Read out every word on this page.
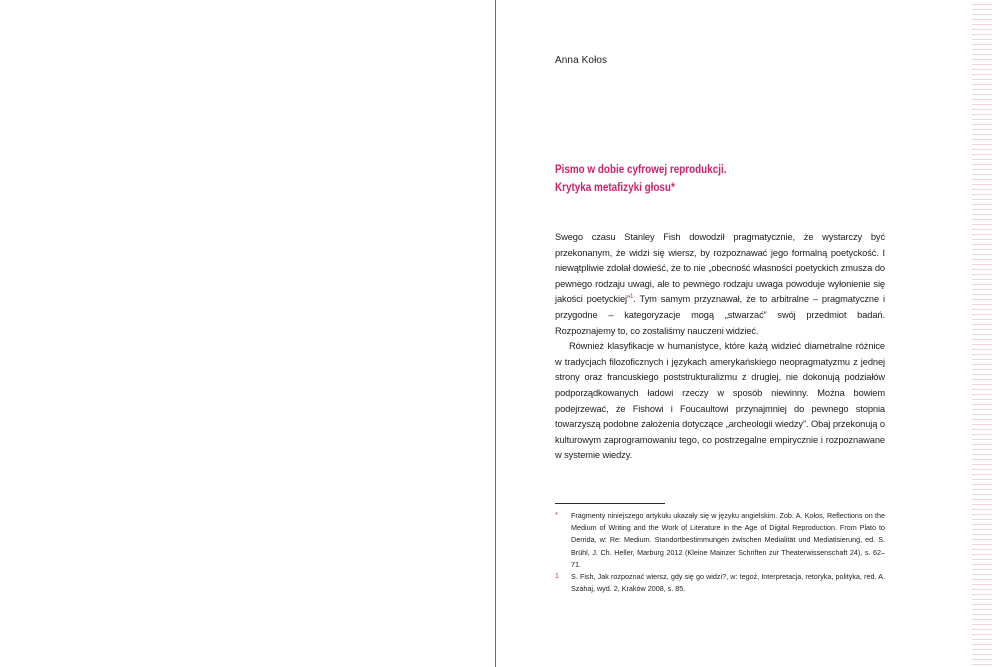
Anna Kołos
Pismo w dobie cyfrowej reprodukcji.
Krytyka metafizyki głosu*

Swego czasu Stanley Fish dowodził pragmatycznie, że wystarczy być przekonanym, że widzi się wiersz, by rozpoznawać jego formalną poetyckość. I niewątpliwie zdołał dowieść, że to nie „obecność własności poetyckich zmusza do pewnego rodzaju uwagi, ale to pewnego rodzaju uwaga powoduje wyłonienie się jakości poetyckiej”$^1$. Tym samym przyznawał, że to arbitralne – pragmatyczne i przygodne – kategoryzacje mogą „stwarzać” swój przedmiot badań. Rozpoznajemy to, co zostaliśmy nauczeni widzieć.

Również klasyfikacje w humanistyce, które każą widzieć diametralne różnice w tradycjach filozoficznych i językach amerykańskiego neopragmatyzmu z jednej strony oraz francuskiego poststrukturalizmu z drugiej, nie dokonują podziałów podporządkowanych ładowi rzeczy w sposób niewinny. Można bowiem podejrzewać, że Fishowi i Foucaultowi przynajmniej do pewnego stopnia towarzyszą podobne założenia dotyczące „archeologii wiedzy”. Obaj przekonują o kulturowym zaprogramowaniu tego, co postrzegalne empirycznie i rozpoznawane w systemie wiedzy.

* Fragmenty niniejszego artykułu ukazały się w języku angielskim. Zob. A. Kołos, Reflections on the Medium of Writing and the Work of Literature in the Age of Digital Reproduction. From Plato to Derrida, w: Re: Medium. Standortbestimmungen zwischen Medialität und Mediatisierung, ed. S. Brühl, J. Ch. Heller, Marburg 2012 (Kleine Mainzer Schriften zur Theaterwissenschaft 24), s. 62–71.
1 S. Fish, Jak rozpoznać wiersz, gdy się go widzi?, w: tegoż, Interpretacja, retoryka, polityka, red. A. Szahaj, wyd. 2, Kraków 2008, s. 85.
